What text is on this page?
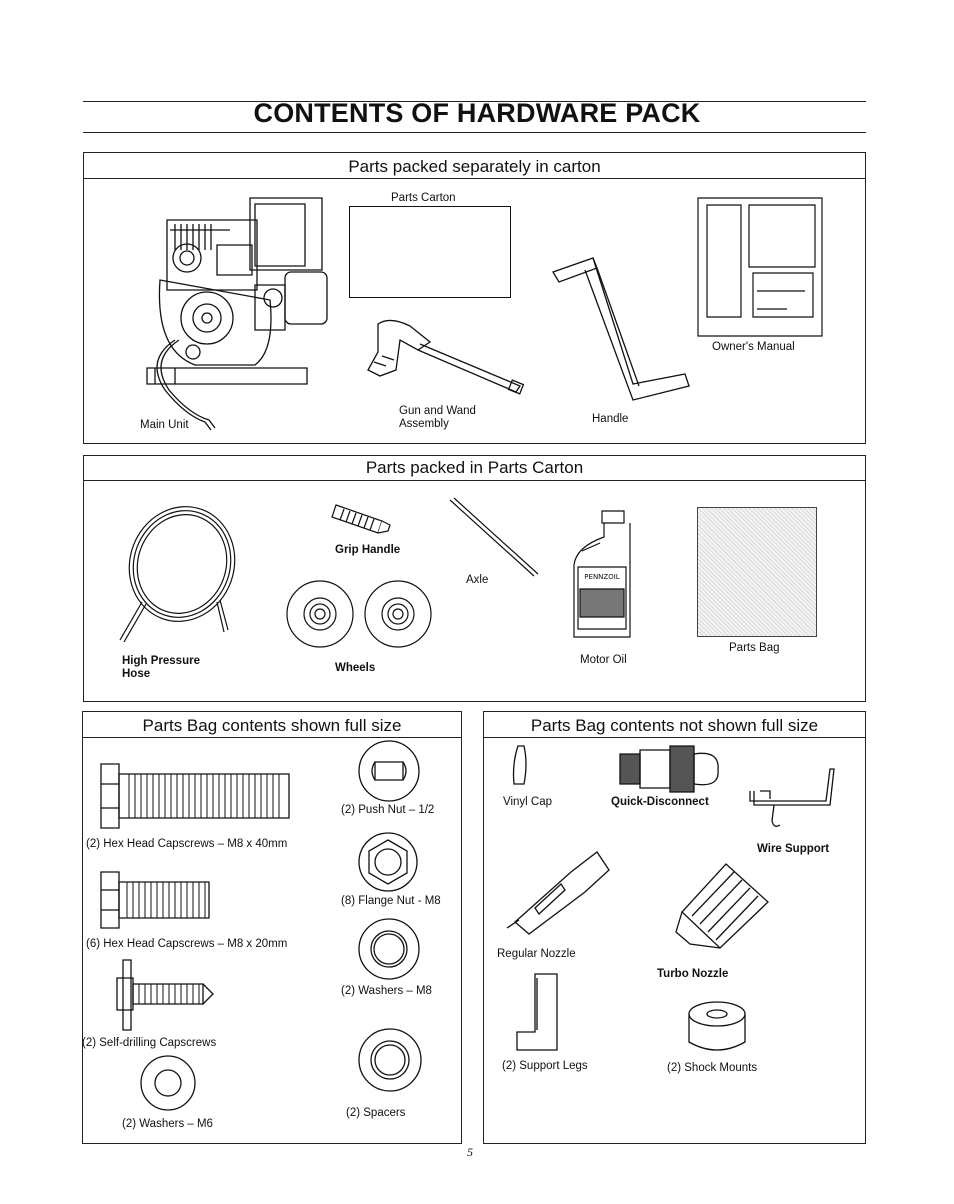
CONTENTS OF HARDWARE PACK
Parts packed separately in carton
Main Unit
Parts Carton
Gun and Wand
Assembly	Handle
Owner's Manual
Parts packed in Parts Carton
High Pressure
Hose
Grip Handle
Wheels
Axle	PENNZOIL
Motor Oil
Parts Bag
Parts Bag contents shown full size
(2) Hex Head Capscrews – M8 x 40mm
(2) Push Nut – 1/2
(6) Hex Head Capscrews – M8 x 20mm
(8) Flange Nut - M8
(2) Self-drilling Capscrews
(2) Washers – M8
(2) Washers – M6
(2) Spacers
Parts Bag contents not shown full size
Vinyl Cap	Quick-Disconnect
Wire Support
Regular Nozzle
Turbo Nozzle
(2) Support Legs	(2) Shock Mounts
5
